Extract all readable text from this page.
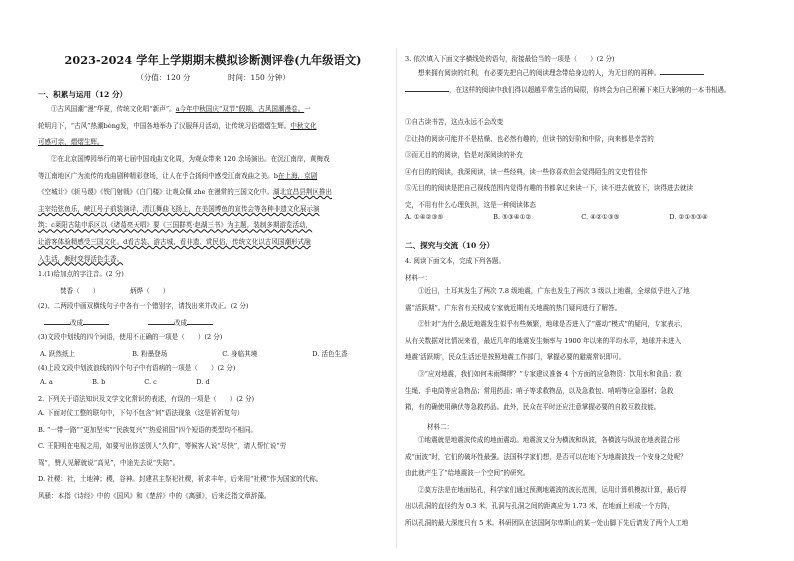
2023-2024 学年上学期期末模拟诊断测评卷(九年级语文)
（分值：120 分　　　　　时间：150 分钟）
一、积累与运用（12 分）

①古风国潮“漫”华夏，传统文化唱“新声”。a今年中秋国庆“双节”假期，古风国潮漫卷。一
轮明月下，“古风”热潮bèng发，中国各地举办了汉服拜月活动，让传统习俗熠熠生辉。中秋文化
可感可亲，熠熠生辉。

②在北京国博园举行的第七届中国戏曲文化周，为观众带来 120 余场演出。在沉江南岸，黄梅戏
等江南地区广为流传的戏曲剧种精彩登场，让人在乎合扬间中感受江南戏曲之美。b在上海，京剧
《空城计》《斩马谡》《铁门射戟》《白门楼》让观众佩 zhe 在漫常的三国文化中。湖北宜昌县荆区推出
主宰给弦鱼乐，峡江号子前装演译，清江舞曲飞扬上，在美国博鱼的宣传会等各种非遗文化展示演
筑；c莱阳古陆申系区以《诸葛亮天唱》要《三国群英·赵湖三书》为主题，装制多期游览活动，
让游客体验精感受三国文化。d看古装、游古城、看非遗、赏民俗，传统文化以古风国潮形式融
入生活，颇时变得活色生香。

1.(1)给加点的字注音。(2 分)
焚香（　　）	炳烨（　　）
(2)、二两段中画双横线句子中各有一个错别字，请找出来并改正。(2 分)
改成	改成
(3)文段中划线的四个词语，使用不正确的一项是（　　）(2 分)
A. 跃然纸上	B. 粉墨登场	C. 身临其境	D. 活色生香
(4)上段文段中划波浪线的四个句子中有语病的一项是（　　）(2 分)
A. a	B. b	C. c	D. d
2. 下列关于语法知识及文学文化常识的表述，有误的一项是（　　）(2 分)

A. 下面对仗工整的联句中，下句不包含“何”语法现象（这是祈祈复句）
B. “一带一路”“更加坚实”“民族复兴”“热爱祖国”四个短语的类型均不相同。
C. 王阳明在电视之用，如要写出你送别人“久仰”，等候客人说“尽快”，请人帮忙说“劳
驾”，赞人见解就说“高见”，中途先去说“失陪”。
D. 社稷：社，土地神；稷，谷神。封建君主祭祀社稷，祈求丰年，后来用“社稷”作为国家的代称。
风骚：本指《诗经》中的《国风》和《楚辞》中的《离骚》，后来泛指文章辞藻。

3. 依次填入下面文字横线处的语句，衔接最恰当的一项是（　　）(2 分)

想来拥有阅读的红利，有必要先把自己的阅读理念带给身边的人，为无目的的再种。
，在这样的阅读中我们得以超越平常生活的局限，你终会为自己积蓄下来巨大影响的一本书相遇。

①自古读书苦，这点永远不会改变
②让持的阅读可能并不是枯燥、也必然有趣的，但读书的好阶和中阶，向来都是幸苦的
③而无目的的阅读，恰是对深阅读的补充
④有目的的阅读，我深阅读，读一些经典，读一些你喜欢但会觉得陌生的文史哲佳作
⑤无目的的阅读是把自己视线范围内觉得有趣的书都拿过来读一下，读不进去就放下，读得进去就读
完，不用有什么心理负担，这是一种阅读体态

A. ①④②③⑤	B. ⑤③④①②	C. ④②①③⑤	D. ②①⑤③④
二、探究与交流（10 分）
4. 阅读下面文本，完成下列各题。
材料一：

①近日，土耳其发生了两次 7.8 级地震，广东也发生了两次 3 级以上地震，全球似乎进入了地
震“活跃期”。广东省有关权威专家就近期有关地震的热门疑问进行了解答。
②针对“为什么最近地震发生似乎有些频繁，地球是否进入了“震动”模式”的疑问，专家表示，
从有关数据对比情况来看，最近几年的地震发生频率与 1900 年以来的平均水平，地球并未进入
地震‘活跃期’，民众生活还是按照地震工作部门，掌握必要的避震常识即可。
③“应对地震，我们如何未雨绸缪？”专家建议准备 4 个方面的应急物资：饮用水和食品；救
生绳、手电筒等应急物品；常用药品；哨子等求救物品，以及急救包、哨哨等应急器材；急救
箱，有的确使用碘伏等急救药品。此外，民众在平时还应注意掌握必要的自救互救技能。

材料二：

①地震就是地震波传成的地面震动。地震波又分为横波和纵波，各横波与纵波在地表混合形
成“面波”时，它们的破坏性最强。法国科学家们想，是否可以在地下为地震波找一个安身之处呢？
由此就产生了“给地震波一个空间”的研究。
②莫方法是在地面钻孔，科学家们通过预测地震波的波长范围，运用计算机模拟计算，最后得
出以孔洞的直径约为 0.3 米，孔洞与孔洞之间的距离应为 1.73 米，在地面上形成一个方阵，
所以孔洞的最大深度只有 5 米。科研团队在法国阿尔卑斯山的某一处山脚下先后请发了两个人工地
